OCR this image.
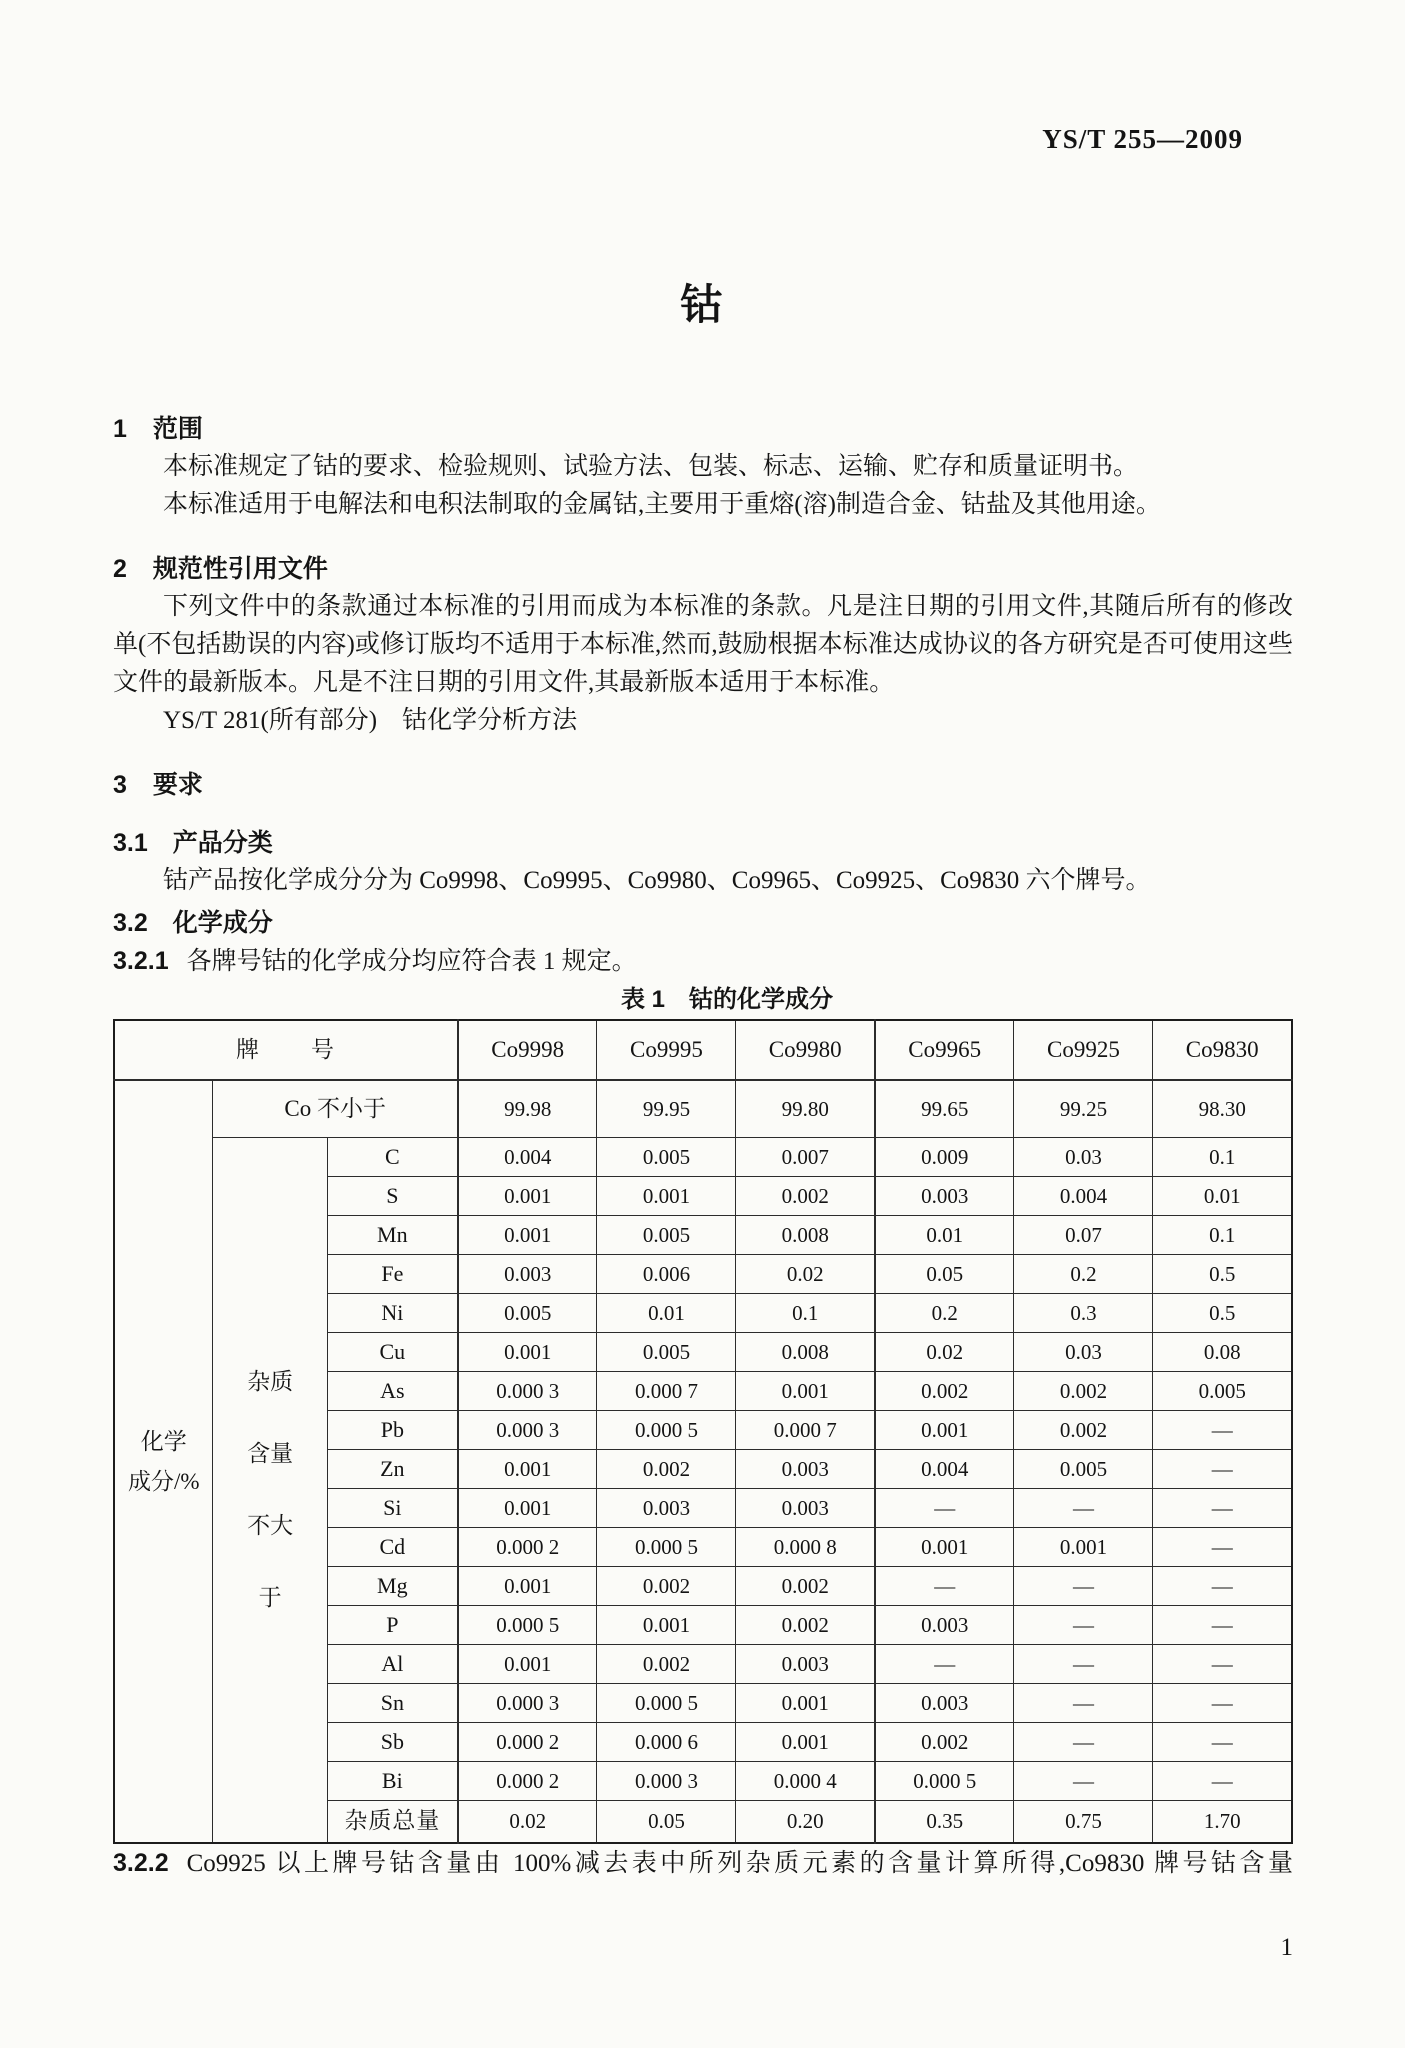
YS/T 255—2009
钴
1 范围

本标准规定了钴的要求、检验规则、试验方法、包装、标志、运输、贮存和质量证明书。

本标准适用于电解法和电积法制取的金属钴,主要用于重熔(溶)制造合金、钴盐及其他用途。

2 规范性引用文件

下列文件中的条款通过本标准的引用而成为本标准的条款。凡是注日期的引用文件,其随后所有的修改单(不包括勘误的内容)或修订版均不适用于本标准,然而,鼓励根据本标准达成协议的各方研究是否可使用这些文件的最新版本。凡是不注日期的引用文件,其最新版本适用于本标准。

YS/T 281(所有部分)　钴化学分析方法

3 要求
3.1　产品分类

钴产品按化学成分分为 Co9998、Co9995、Co9980、Co9965、Co9925、Co9830 六个牌号。

3.2　化学成分

3.2.1 各牌号钴的化学成分均应符合表 1 规定。

表 1　钴的化学成分

牌　　号			Co9998	Co9995	Co9980	Co9965	Co9925	Co9830
化学
成分/%	Co 不小于		99.98	99.95	99.80	99.65	99.25	98.30
	杂质
含量
不大
于	C	0.004	0.005	0.007	0.009	0.03	0.1
		S	0.001	0.001	0.002	0.003	0.004	0.01
		Mn	0.001	0.005	0.008	0.01	0.07	0.1
		Fe	0.003	0.006	0.02	0.05	0.2	0.5
		Ni	0.005	0.01	0.1	0.2	0.3	0.5
		Cu	0.001	0.005	0.008	0.02	0.03	0.08
		As	0.000 3	0.000 7	0.001	0.002	0.002	0.005
		Pb	0.000 3	0.000 5	0.000 7	0.001	0.002	—
		Zn	0.001	0.002	0.003	0.004	0.005	—
		Si	0.001	0.003	0.003	—	—	—
		Cd	0.000 2	0.000 5	0.000 8	0.001	0.001	—
		Mg	0.001	0.002	0.002	—	—	—
		P	0.000 5	0.001	0.002	0.003	—	—
		Al	0.001	0.002	0.003	—	—	—
		Sn	0.000 3	0.000 5	0.001	0.003	—	—
		Sb	0.000 2	0.000 6	0.001	0.002	—	—
		Bi	0.000 2	0.000 3	0.000 4	0.000 5	—	—
		杂质总量	0.02	0.05	0.20	0.35	0.75	1.70

3.2.2 Co9925 以上牌号钴含量由 100%减去表中所列杂质元素的含量计算所得,Co9830 牌号钴含量

1
